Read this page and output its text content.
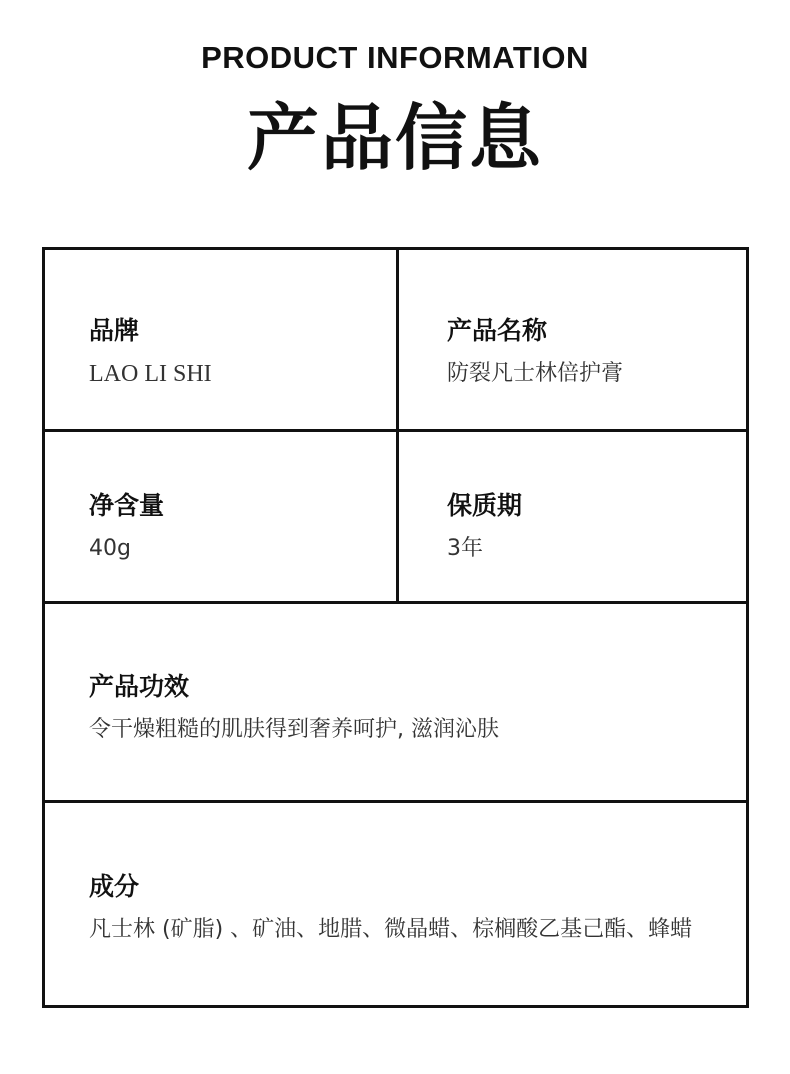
PRODUCT INFORMATION
产品信息
品牌
LAO LI SHI
产品名称
防裂凡士林倍护膏
净含量
40g
保质期
3年
产品功效
令干燥粗糙的肌肤得到奢养呵护, 滋润沁肤
成分
凡士林 (矿脂) 、矿油、地腊、微晶蜡、棕榈酸乙基己酯、蜂蜡
